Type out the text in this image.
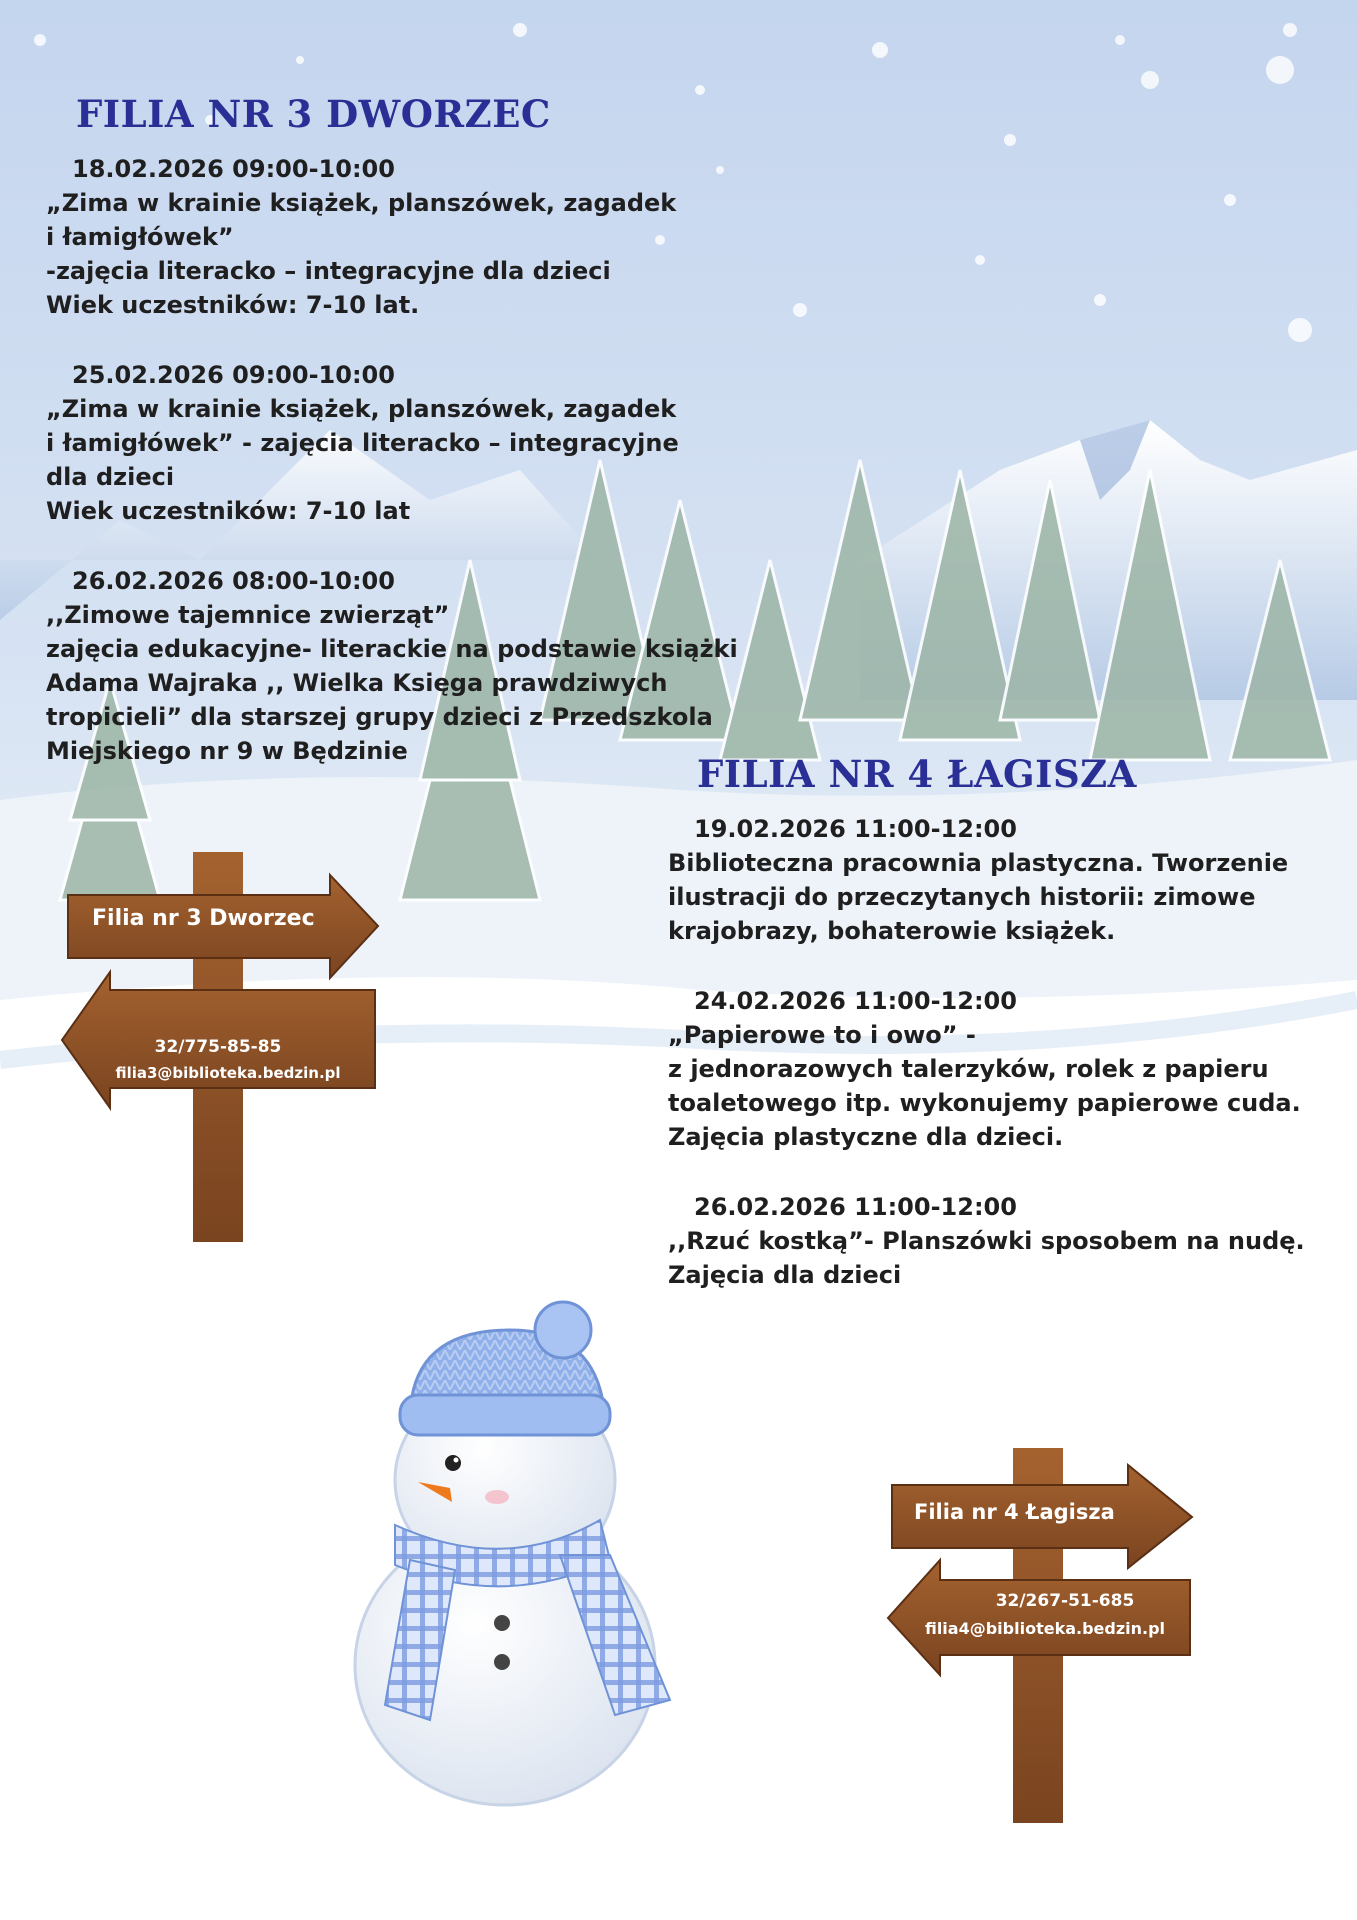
FILIA NR 3 DWORZEC
18.02.2026 09:00-10:00
„Zima w krainie książek, planszówek, zagadek
i łamigłówek”
-zajęcia literacko – integracyjne dla dzieci
Wiek uczestników: 7-10 lat.
25.02.2026 09:00-10:00
„Zima w krainie książek, planszówek, zagadek
i łamigłówek” - zajęcia literacko – integracyjne
dla dzieci
Wiek uczestników: 7-10 lat
26.02.2026 08:00-10:00
,,Zimowe tajemnice zwierząt”
zajęcia edukacyjne- literackie na podstawie książki
Adama Wajraka ,, Wielka Księga prawdziwych
tropicieli” dla starszej grupy dzieci z Przedszkola
Miejskiego nr 9 w Będzinie
Filia nr 3 Dworzec
32/775-85-85
filia3@biblioteka.bedzin.pl
FILIA NR 4 ŁAGISZA
19.02.2026 11:00-12:00
Biblioteczna pracownia plastyczna. Tworzenie
ilustracji do przeczytanych historii: zimowe
krajobrazy, bohaterowie książek.
24.02.2026 11:00-12:00
„Papierowe to i owo” -
z jednorazowych talerzyków, rolek z papieru
toaletowego itp. wykonujemy papierowe cuda.
Zajęcia plastyczne dla dzieci.
26.02.2026 11:00-12:00
,,Rzuć kostką”- Planszówki sposobem na nudę.
Zajęcia dla dzieci
Filia nr 4 Łagisza
32/267-51-685
filia4@biblioteka.bedzin.pl
